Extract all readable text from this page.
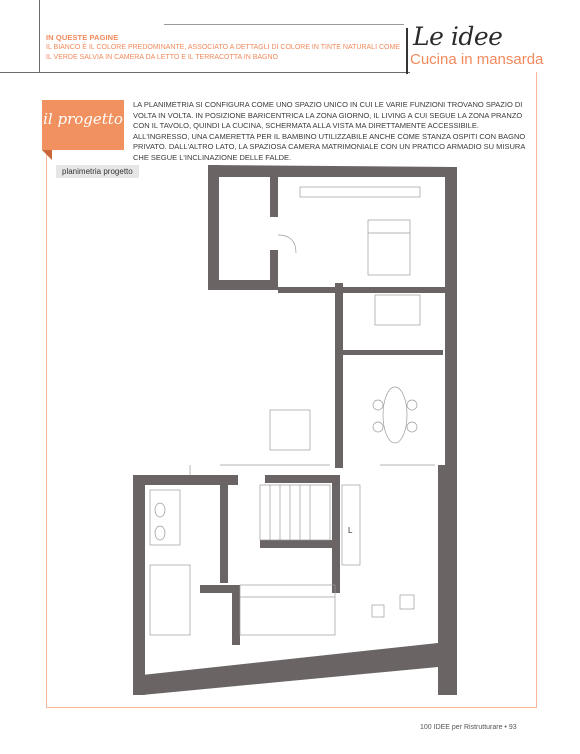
IN QUESTE PAGINE
IL BIANCO È IL COLORE PREDOMINANTE, ASSOCIATO A DETTAGLI DI COLORE IN TINTE NATURALI COME IL VERDE SALVIA IN CAMERA DA LETTO E IL TERRACOTTA IN BAGNO
Le idee
Cucina in mansarda
il progetto
LA PLANIMETRIA SI CONFIGURA COME UNO SPAZIO UNICO IN CUI LE VARIE FUNZIONI TROVANO SPAZIO DI VOLTA IN VOLTA. IN POSIZIONE BARICENTRICA LA ZONA GIORNO, IL LIVING A CUI SEGUE LA ZONA PRANZO CON IL TAVOLO, QUINDI LA CUCINA, SCHERMATA ALLA VISTA MA DIRETTAMENTE ACCESSIBILE. ALL'INGRESSO, UNA CAMERETTA PER IL BAMBINO UTILIZZABILE ANCHE COME STANZA OSPITI CON BAGNO PRIVATO. DALL'ALTRO LATO, LA SPAZIOSA CAMERA MATRIMONIALE CON UN PRATICO ARMADIO SU MISURA CHE SEGUE L'INCLINAZIONE DELLE FALDE.
planimetria progetto
L
100 IDEE per Ristrutturare • 93
